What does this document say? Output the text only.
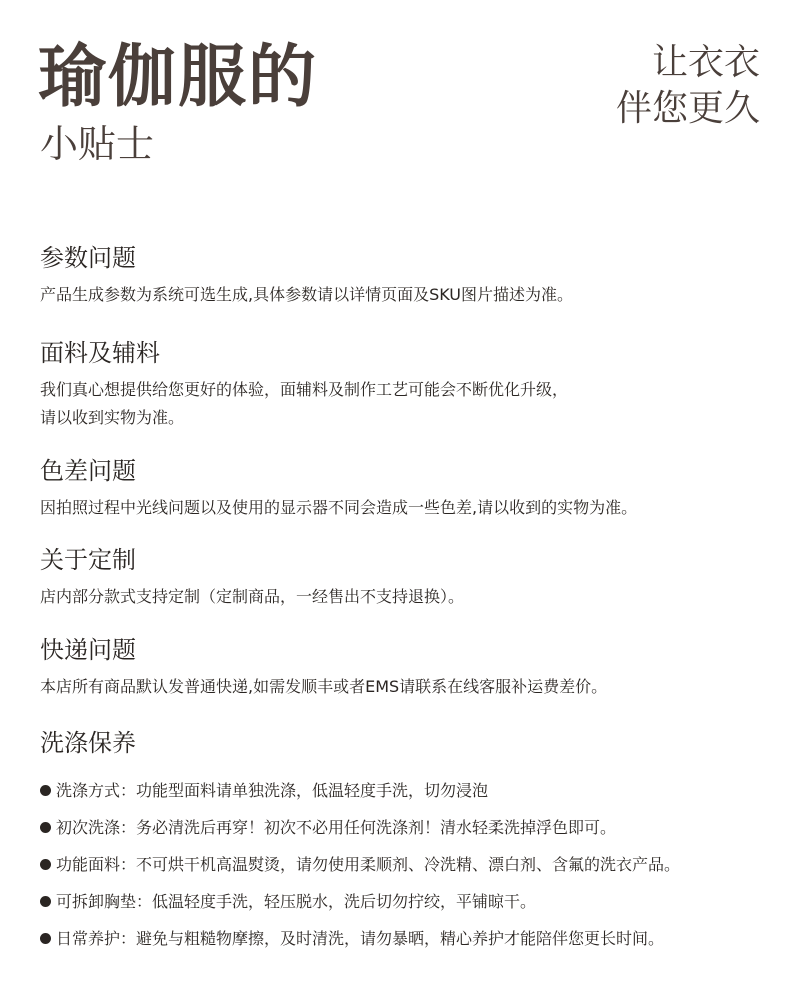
瑜伽服的
小贴士
让衣衣
伴您更久
参数问题

产品生成参数为系统可选生成,具体参数请以详情页面及SKU图片描述为准。

面料及辅料

我们真心想提供给您更好的体验，面辅料及制作工艺可能会不断优化升级，

请以收到实物为准。

色差问题

因拍照过程中光线问题以及使用的显示器不同会造成一些色差,请以收到的实物为准。

关于定制

店内部分款式支持定制（定制商品，一经售出不支持退换）。

快递问题

本店所有商品默认发普通快递,如需发顺丰或者EMS请联系在线客服补运费差价。

洗涤保养
洗涤方式： 功能型面料请单独洗涤，低温轻度手洗，切勿浸泡
初次洗涤： 务必清洗后再穿！初次不必用任何洗涤剂！清水轻柔洗掉浮色即可。
功能面料： 不可烘干机高温熨烫，请勿使用柔顺剂、冷洗精、漂白剂、含氟的洗衣产品。
可拆卸胸垫： 低温轻度手洗，轻压脱水，洗后切勿拧绞，平铺晾干。
日常养护： 避免与粗糙物摩擦，及时清洗，请勿暴晒，精心养护才能陪伴您更长时间。
